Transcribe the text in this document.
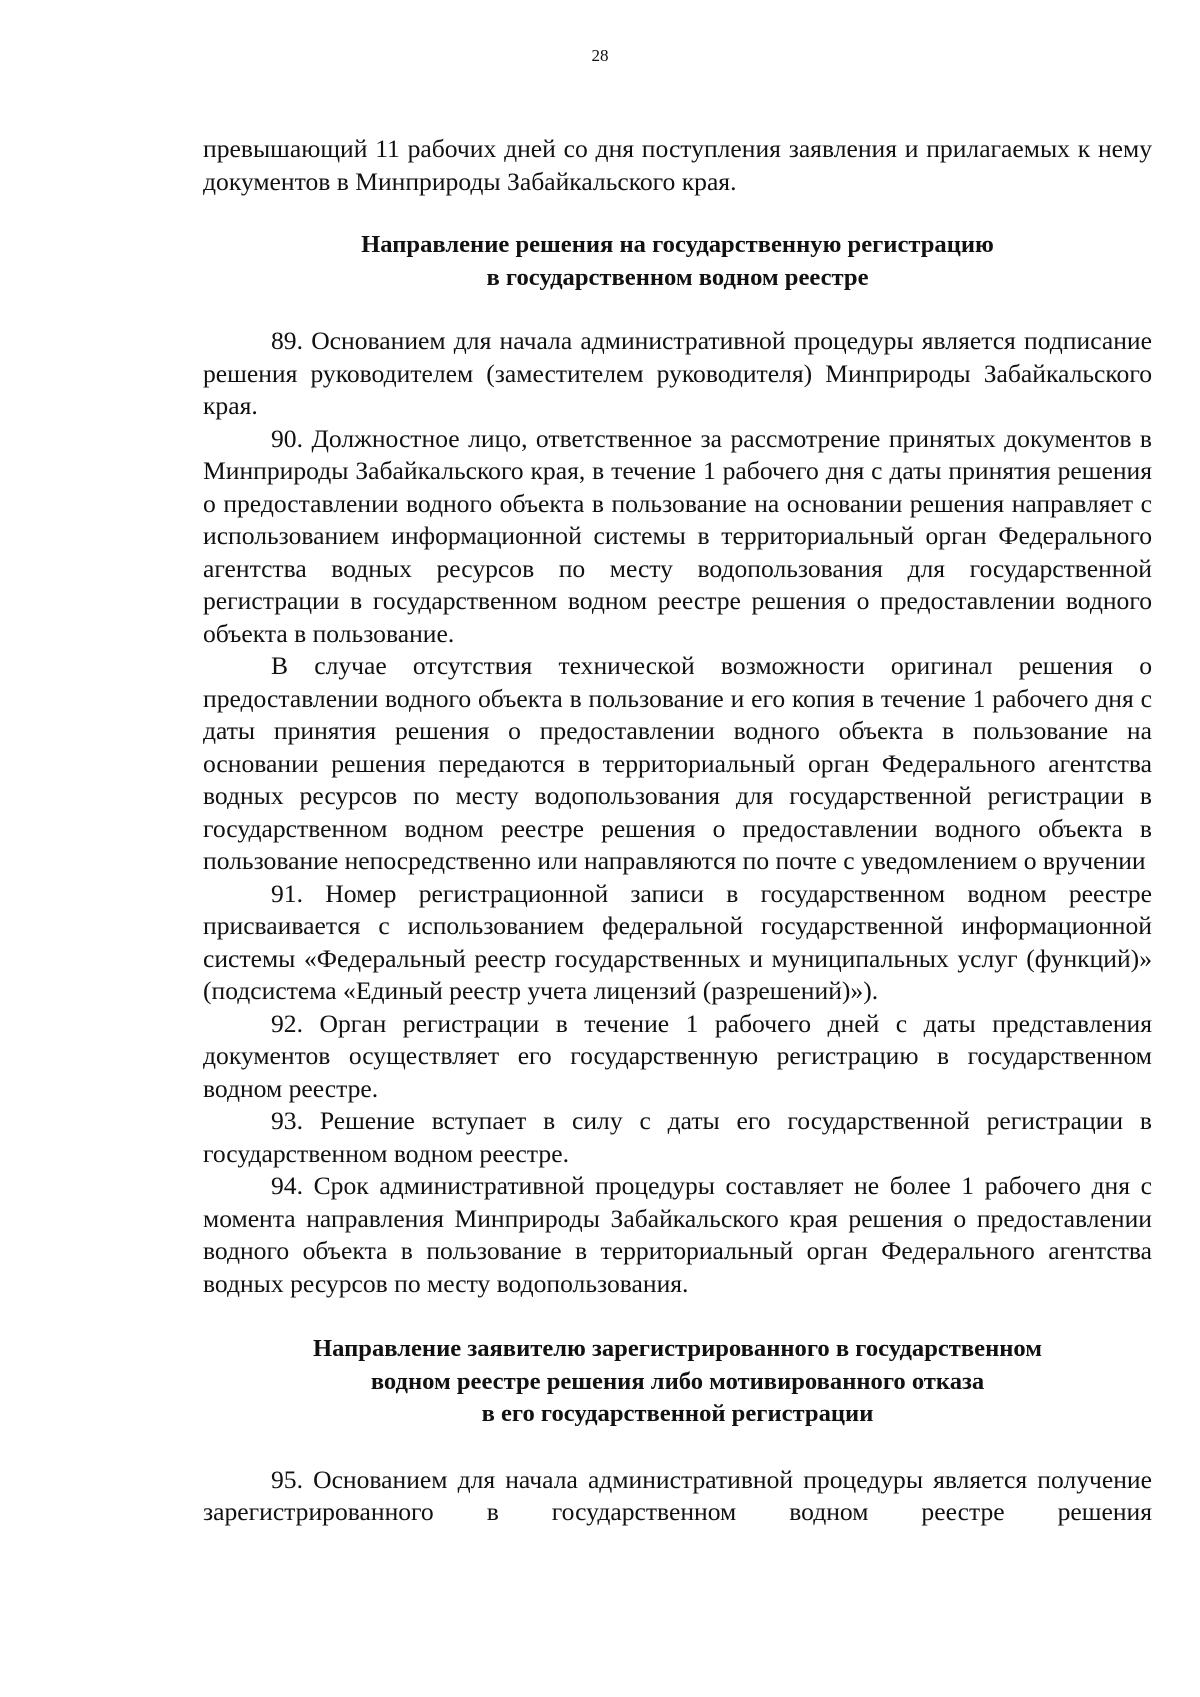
28

превышающий 11 рабочих дней со дня поступления заявления и прилагаемых к нему документов в Минприроды Забайкальского края.

Направление решения на государственную регистрацию

в государственном водном реестре

89. Основанием для начала административной процедуры является подписание решения руководителем (заместителем руководителя) Минприроды Забайкальского края.

90. Должностное лицо, ответственное за рассмотрение принятых документов в Минприроды Забайкальского края, в течение 1 рабочего дня с даты принятия решения о предоставлении водного объекта в пользование на основании решения направляет с использованием информационной системы в территориальный орган Федерального агентства водных ресурсов по месту водопользования для государственной регистрации в государственном водном реестре решения о предоставлении водного объекта в пользование.

В случае отсутствия технической возможности оригинал решения о предоставлении водного объекта в пользование и его копия в течение 1 рабочего дня с даты принятия решения о предоставлении водного объекта в пользование на основании решения передаются в территориальный орган Федерального агентства водных ресурсов по месту водопользования для государственной регистрации в государственном водном реестре решения о предоставлении водного объекта в пользование непосредственно или направляются по почте с уведомлением о вручении

91. Номер регистрационной записи в государственном водном реестре присваивается с использованием федеральной государственной информационной системы «Федеральный реестр государственных и муниципальных услуг (функций)» (подсистема «Единый реестр учета лицензий (разрешений)»).

92. Орган регистрации в течение 1 рабочего дней с даты представления документов осуществляет его государственную регистрацию в государственном водном реестре.

93. Решение вступает в силу с даты его государственной регистрации в государственном водном реестре.

94. Срок административной процедуры составляет не более 1 рабочего дня с момента направления Минприроды Забайкальского края решения о предоставлении водного объекта в пользование в территориальный орган Федерального агентства водных ресурсов по месту водопользования.

Направление заявителю зарегистрированного в государственном

водном реестре решения либо мотивированного отказа

в его государственной регистрации

95. Основанием для начала административной процедуры является получение зарегистрированного в государственном водном реестре решения
